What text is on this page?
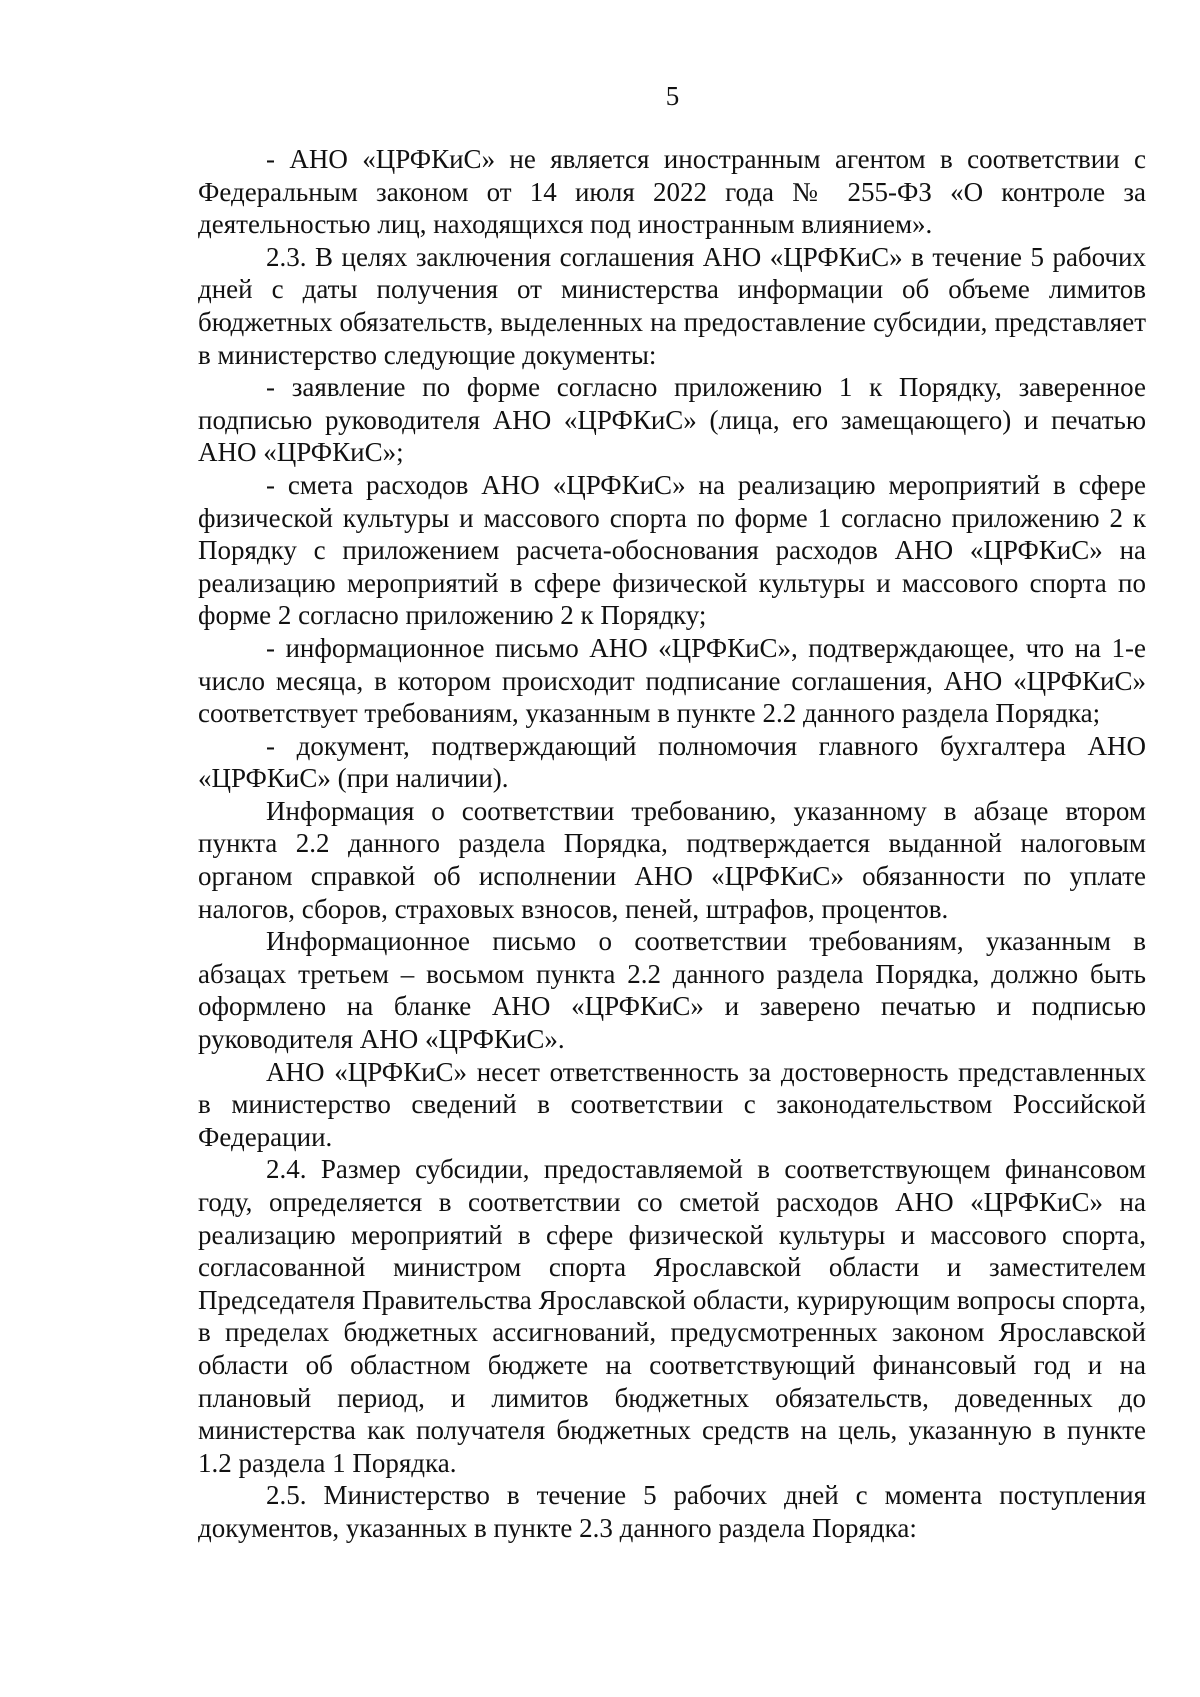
5

- АНО «ЦРФКиС» не является иностранным агентом в соответствии с Федеральным законом от 14 июля 2022 года № 255-ФЗ «О контроле за деятельностью лиц, находящихся под иностранным влиянием».

2.3. В целях заключения соглашения АНО «ЦРФКиС» в течение 5 рабочих дней с даты получения от министерства информации об объеме лимитов бюджетных обязательств, выделенных на предоставление субсидии, представляет в министерство следующие документы:

- заявление по форме согласно приложению 1 к Порядку, заверенное подписью руководителя АНО «ЦРФКиС» (лица, его замещающего) и печатью АНО «ЦРФКиС»;

- смета расходов АНО «ЦРФКиС» на реализацию мероприятий в сфере физической культуры и массового спорта по форме 1 согласно приложению 2 к Порядку с приложением расчета-обоснования расходов АНО «ЦРФКиС» на реализацию мероприятий в сфере физической культуры и массового спорта по форме 2 согласно приложению 2 к Порядку;

- информационное письмо АНО «ЦРФКиС», подтверждающее, что на 1-е число месяца, в котором происходит подписание соглашения, АНО «ЦРФКиС» соответствует требованиям, указанным в пункте 2.2 данного раздела Порядка;

- документ, подтверждающий полномочия главного бухгалтера АНО «ЦРФКиС» (при наличии).

Информация о соответствии требованию, указанному в абзаце втором пункта 2.2 данного раздела Порядка, подтверждается выданной налоговым органом справкой об исполнении АНО «ЦРФКиС» обязанности по уплате налогов, сборов, страховых взносов, пеней, штрафов, процентов.

Информационное письмо о соответствии требованиям, указанным в абзацах третьем – восьмом пункта 2.2 данного раздела Порядка, должно быть оформлено на бланке АНО «ЦРФКиС» и заверено печатью и подписью руководителя АНО «ЦРФКиС».

АНО «ЦРФКиС» несет ответственность за достоверность представленных в министерство сведений в соответствии с законодательством Российской Федерации.

2.4. Размер субсидии, предоставляемой в соответствующем финансовом году, определяется в соответствии со сметой расходов АНО «ЦРФКиС» на реализацию мероприятий в сфере физической культуры и массового спорта, согласованной министром спорта Ярославской области и заместителем Председателя Правительства Ярославской области, курирующим вопросы спорта, в пределах бюджетных ассигнований, предусмотренных законом Ярославской области об областном бюджете на соответствующий финансовый год и на плановый период, и лимитов бюджетных обязательств, доведенных до министерства как получателя бюджетных средств на цель, указанную в пункте 1.2 раздела 1 Порядка.

2.5. Министерство в течение 5 рабочих дней с момента поступления документов, указанных в пункте 2.3 данного раздела Порядка:
